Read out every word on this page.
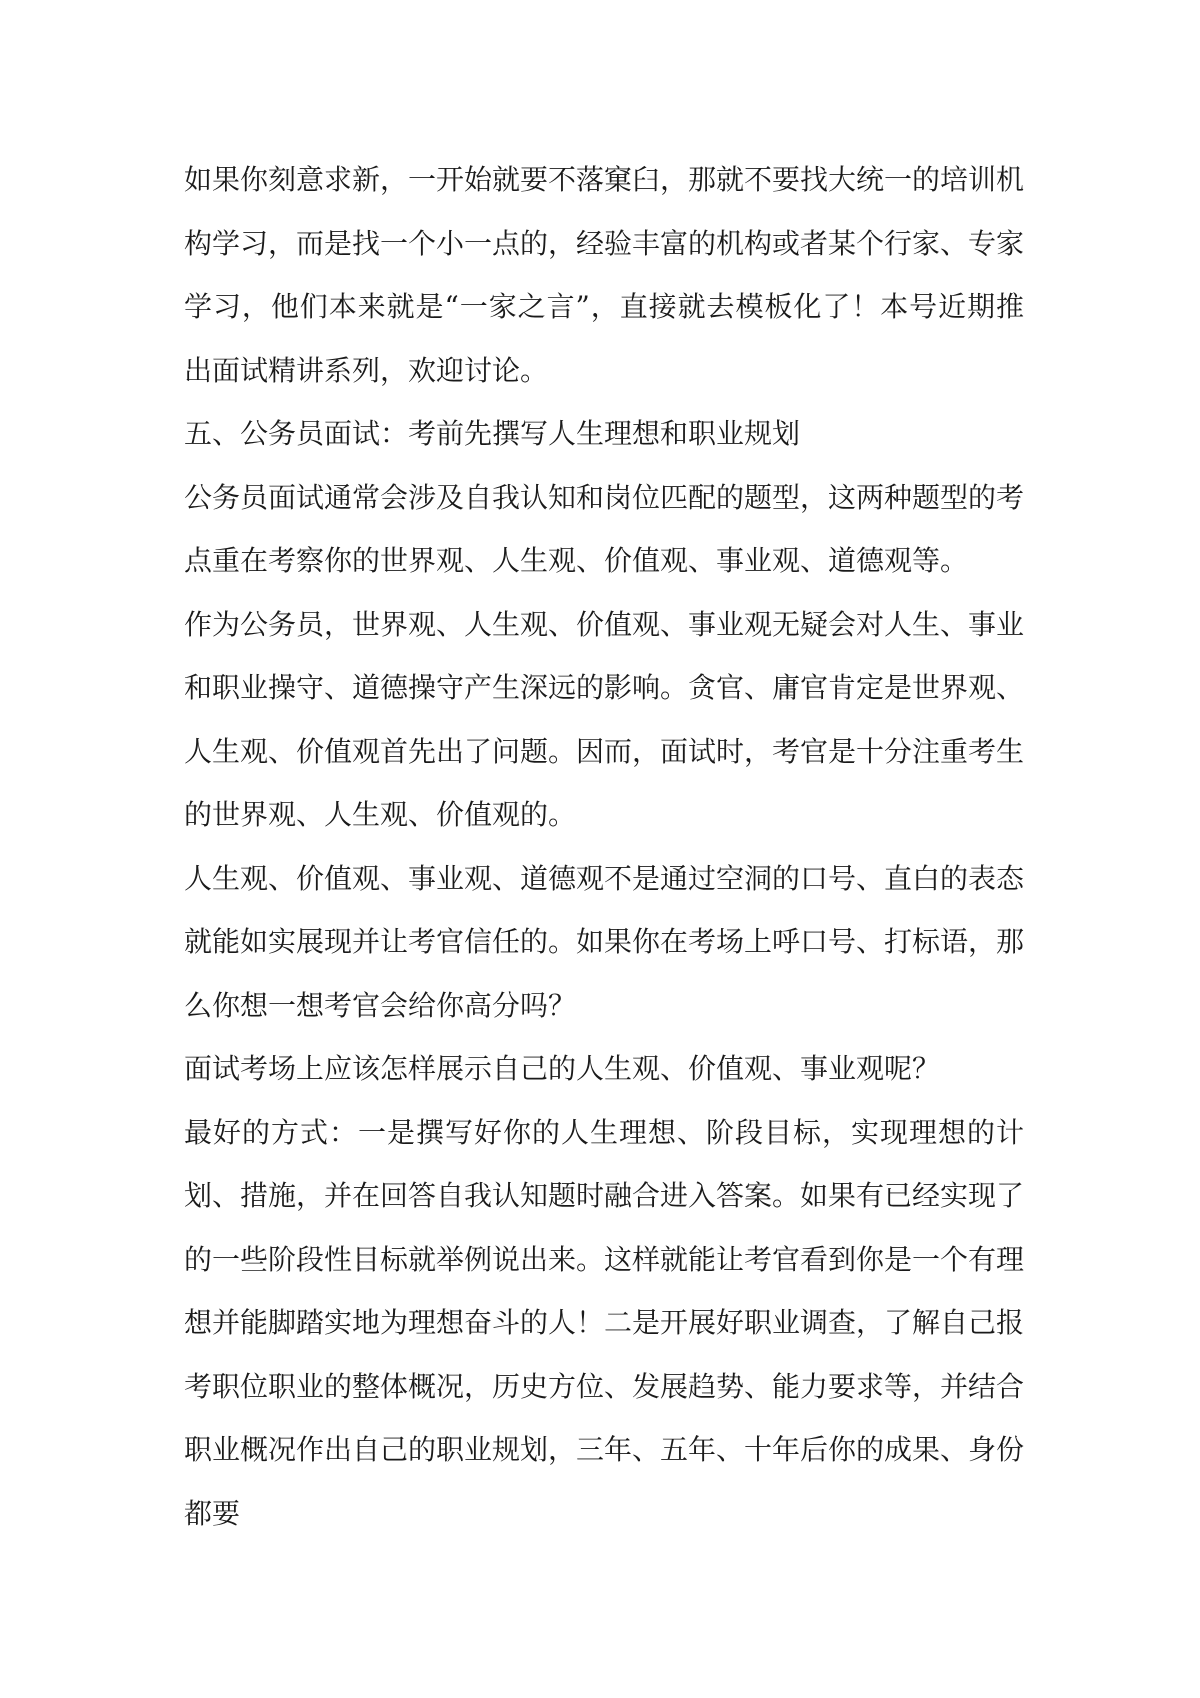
如果你刻意求新，一开始就要不落窠臼，那就不要找大统一的培训机构学习，而是找一个小一点的，经验丰富的机构或者某个行家、专家学习，他们本来就是“一家之言”，直接就去模板化了！本号近期推出面试精讲系列，欢迎讨论。

五、公务员面试：考前先撰写人生理想和职业规划

公务员面试通常会涉及自我认知和岗位匹配的题型，这两种题型的考点重在考察你的世界观、人生观、价值观、事业观、道德观等。

作为公务员，世界观、人生观、价值观、事业观无疑会对人生、事业和职业操守、道德操守产生深远的影响。贪官、庸官肯定是世界观、人生观、价值观首先出了问题。因而，面试时，考官是十分注重考生的世界观、人生观、价值观的。

人生观、价值观、事业观、道德观不是通过空洞的口号、直白的表态就能如实展现并让考官信任的。如果你在考场上呼口号、打标语，那么你想一想考官会给你高分吗？

面试考场上应该怎样展示自己的人生观、价值观、事业观呢？

最好的方式：一是撰写好你的人生理想、阶段目标，实现理想的计划、措施，并在回答自我认知题时融合进入答案。如果有已经实现了的一些阶段性目标就举例说出来。这样就能让考官看到你是一个有理想并能脚踏实地为理想奋斗的人！二是开展好职业调查，了解自己报考职位职业的整体概况，历史方位、发展趋势、能力要求等，并结合职业概况作出自己的职业规划，三年、五年、十年后你的成果、身份都要
